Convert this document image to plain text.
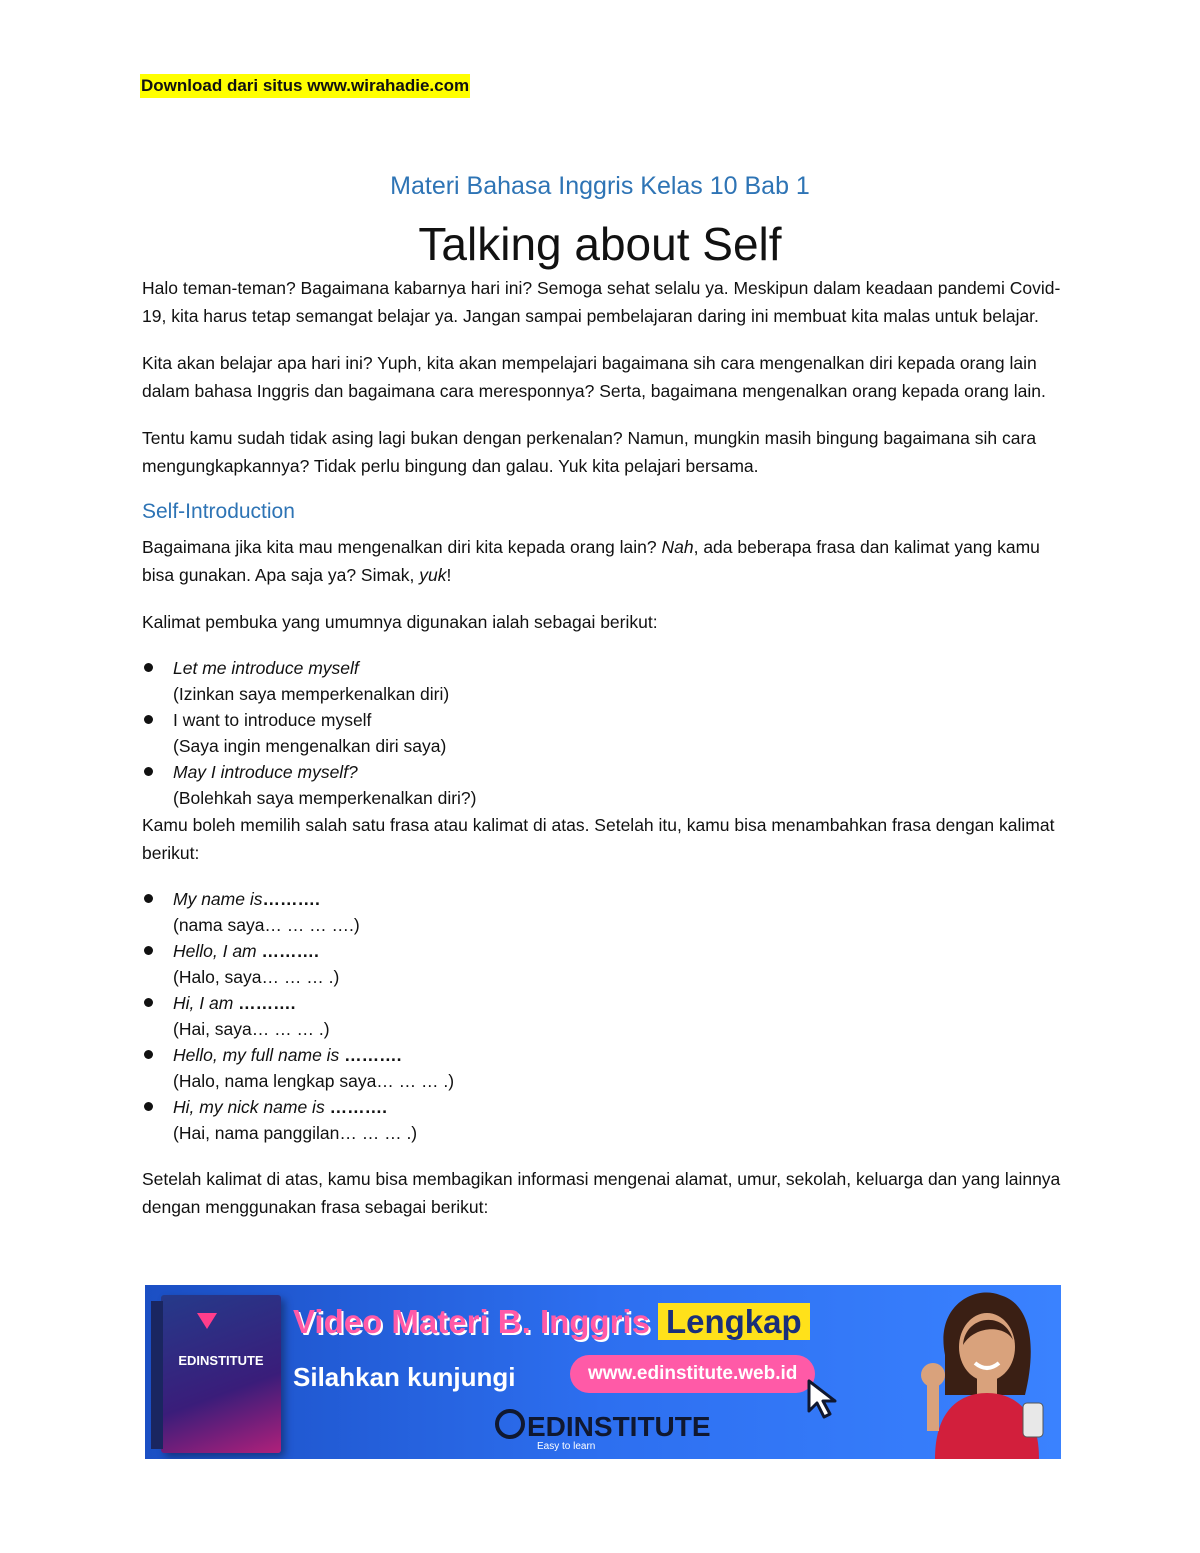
Download dari situs www.wirahadie.com
Materi Bahasa Inggris Kelas 10 Bab 1
Talking about Self

Halo teman-teman? Bagaimana kabarnya hari ini? Semoga sehat selalu ya. Meskipun dalam keadaan pandemi Covid-19, kita harus tetap semangat belajar ya. Jangan sampai pembelajaran daring ini membuat kita malas untuk belajar.

Kita akan belajar apa hari ini? Yuph, kita akan mempelajari bagaimana sih cara mengenalkan diri kepada orang lain dalam bahasa Inggris dan bagaimana cara meresponnya? Serta, bagaimana mengenalkan orang kepada orang lain.

Tentu kamu sudah tidak asing lagi bukan dengan perkenalan? Namun, mungkin masih bingung bagaimana sih cara mengungkapkannya? Tidak perlu bingung dan galau. Yuk kita pelajari bersama.

Self-Introduction

Bagaimana jika kita mau mengenalkan diri kita kepada orang lain? Nah, ada beberapa frasa dan kalimat yang kamu bisa gunakan. Apa saja ya? Simak, yuk!

Kalimat pembuka yang umumnya digunakan ialah sebagai berikut:

Let me introduce myself
(Izinkan saya memperkenalkan diri)
I want to introduce myself
(Saya ingin mengenalkan diri saya)
May I introduce myself?
(Bolehkah saya memperkenalkan diri?)

Kamu boleh memilih salah satu frasa atau kalimat di atas. Setelah itu, kamu bisa menambahkan frasa dengan kalimat berikut:

My name is……….
(nama saya… … … ….)
Hello, I am ……….
(Halo, saya… … … .)
Hi, I am ……….
(Hai, saya… … … .)
Hello, my full name is ……….
(Halo, nama lengkap saya… … … .)
Hi, my nick name is ……….
(Hai, nama panggilan… … … .)

Setelah kalimat di atas, kamu bisa membagikan informasi mengenai alamat, umur, sekolah, keluarga dan yang lainnya dengan menggunakan frasa sebagai berikut:

EDINSTITUTE
Video Materi B. Inggris Lengkap
Silahkan kunjungi	www.edinstitute.web.id
EDINSTITUTE
Easy to learn
